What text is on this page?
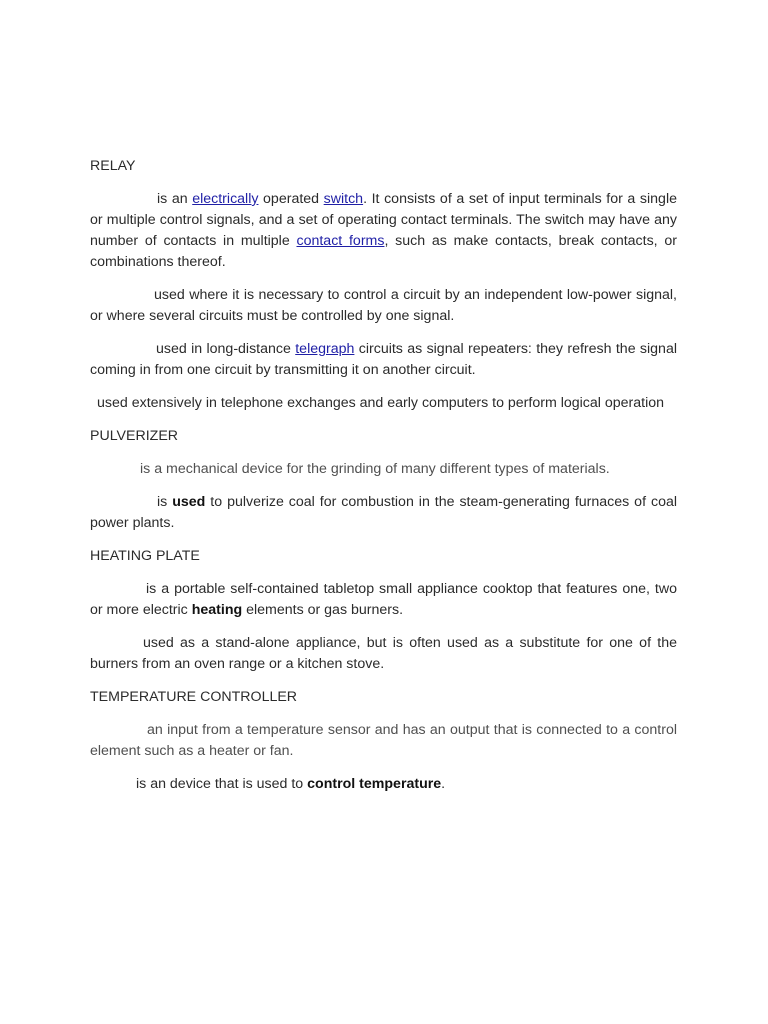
RELAY

is an electrically operated switch. It consists of a set of input terminals for a single or multiple control signals, and a set of operating contact terminals. The switch may have any number of contacts in multiple contact forms, such as make contacts, break contacts, or combinations thereof.

used where it is necessary to control a circuit by an independent low-power signal, or where several circuits must be controlled by one signal.

used in long-distance telegraph circuits as signal repeaters: they refresh the signal coming in from one circuit by transmitting it on another circuit.

used extensively in telephone exchanges and early computers to perform logical operation

PULVERIZER

is a mechanical device for the grinding of many different types of materials.

is used to pulverize coal for combustion in the steam-generating furnaces of coal power plants.

HEATING PLATE

is a portable self-contained tabletop small appliance cooktop that features one, two or more electric heating elements or gas burners.

used as a stand-alone appliance, but is often used as a substitute for one of the burners from an oven range or a kitchen stove.

TEMPERATURE CONTROLLER

an input from a temperature sensor and has an output that is connected to a control element such as a heater or fan.

is an device that is used to control temperature.
